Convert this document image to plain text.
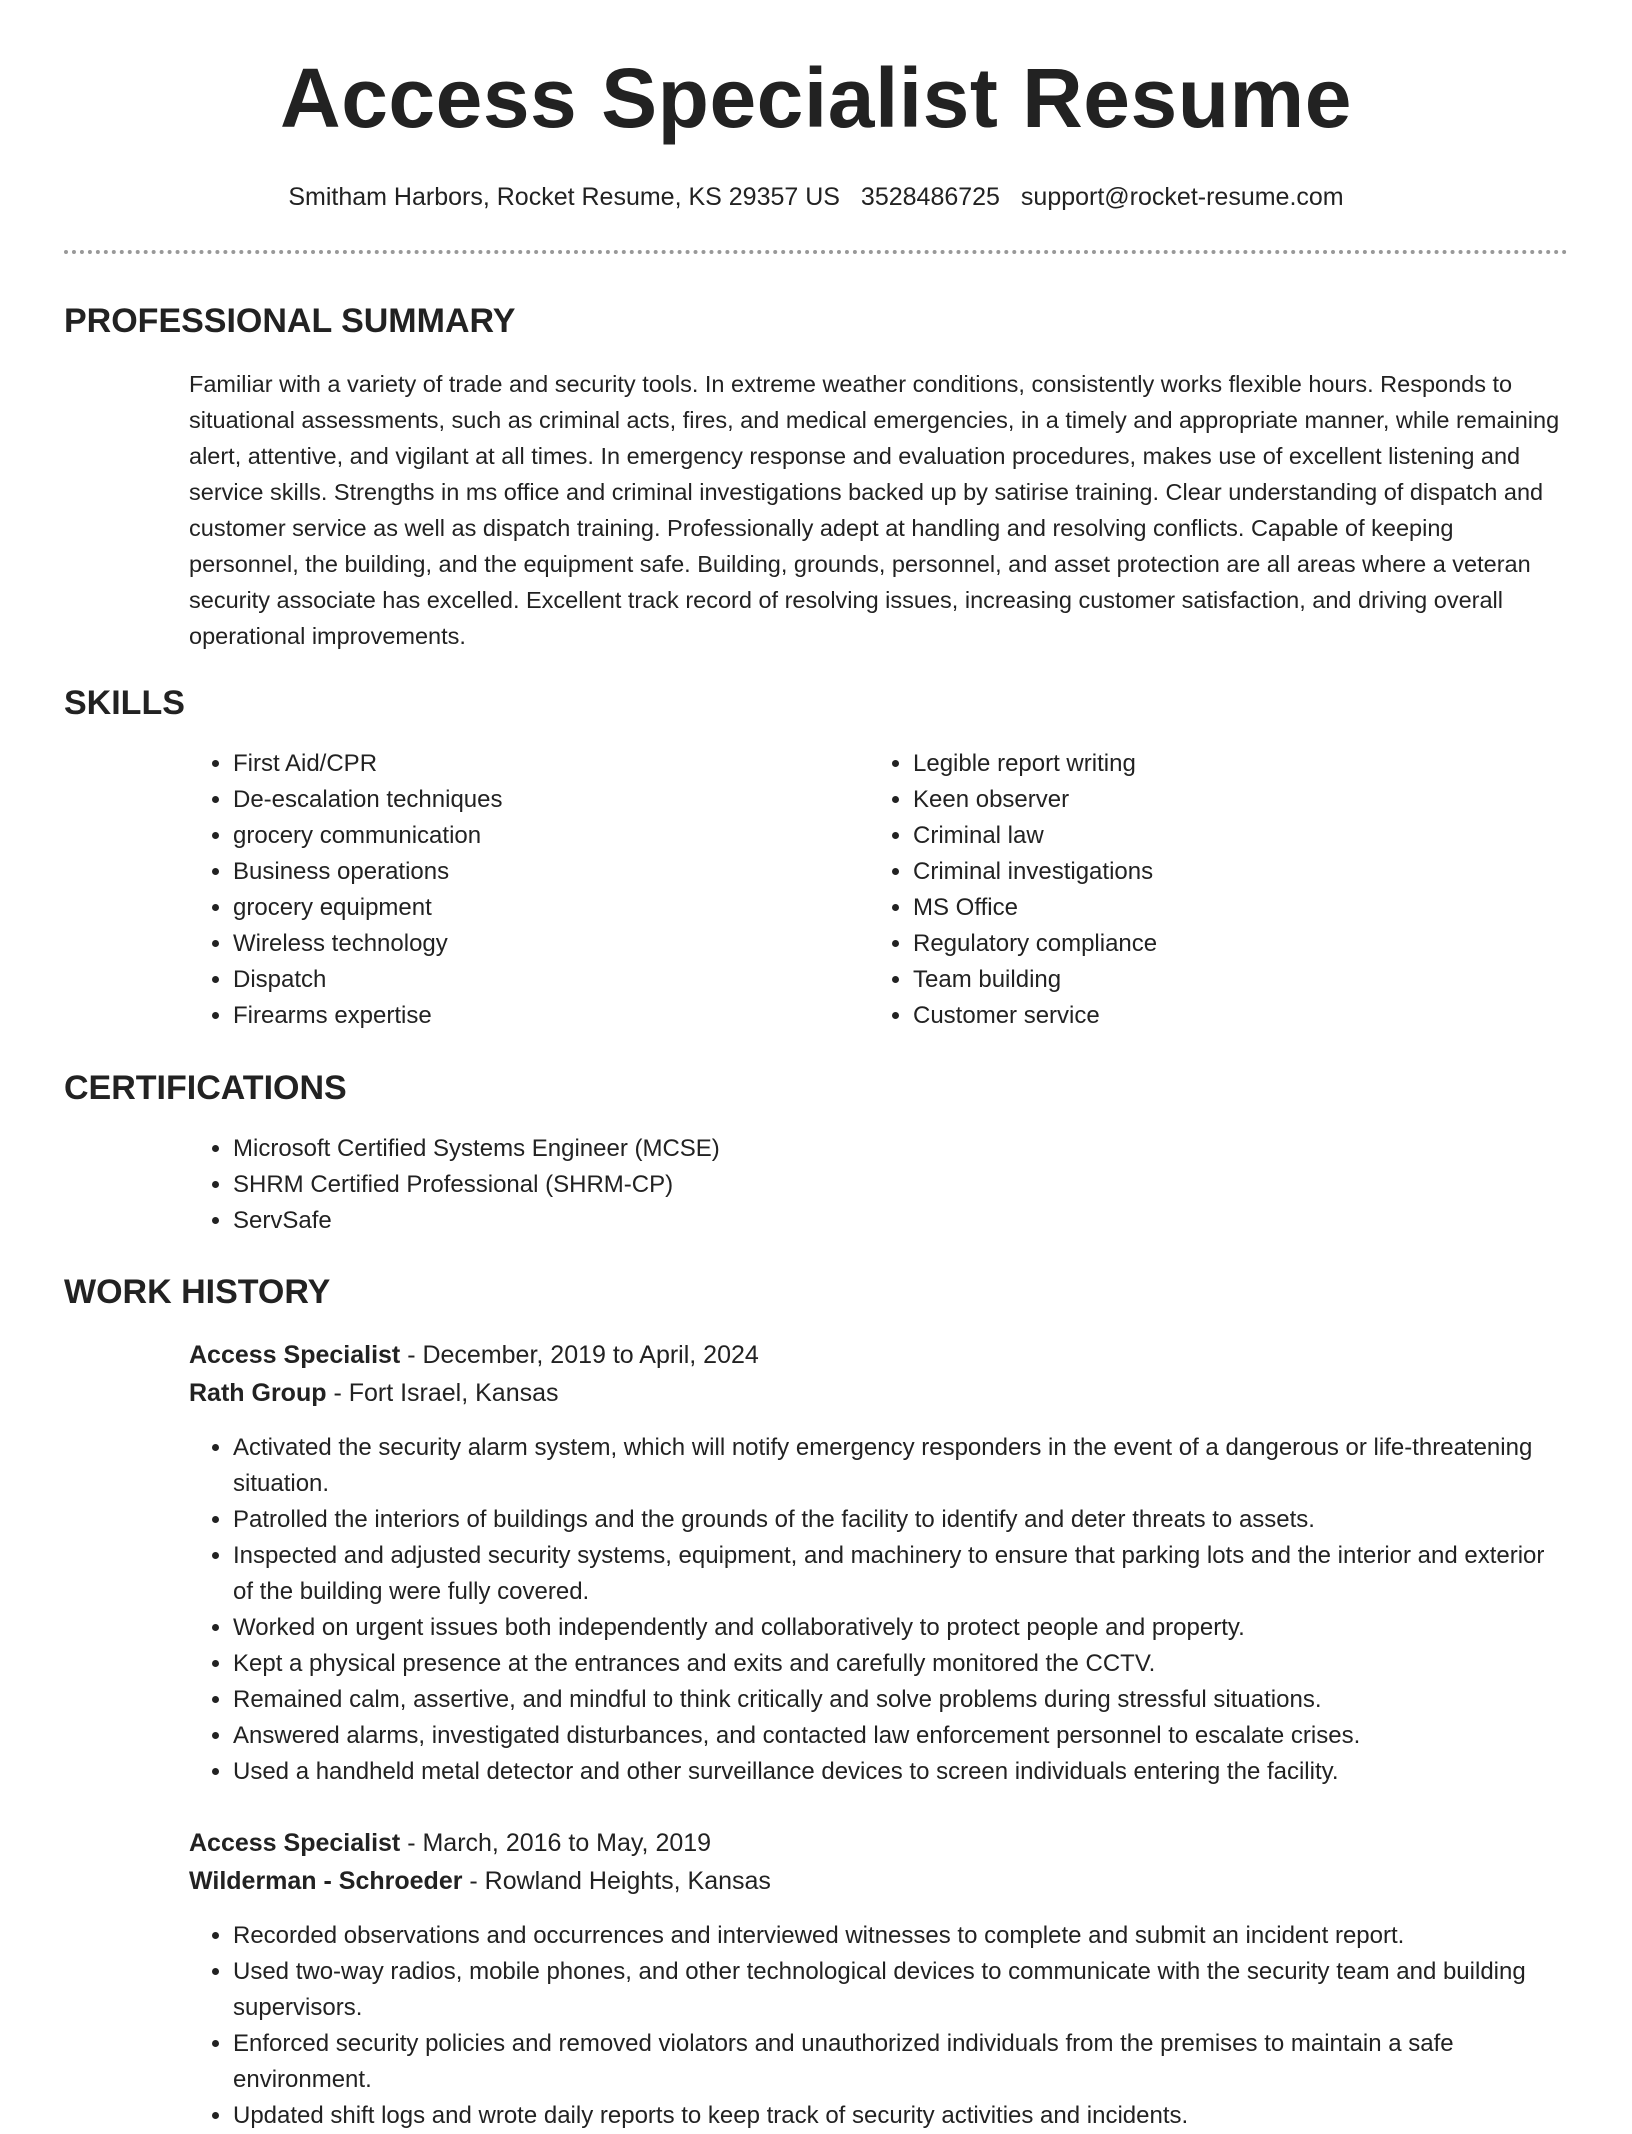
Access Specialist Resume
Smitham Harbors, Rocket Resume, KS 29357 US 3528486725 support@rocket-resume.com
PROFESSIONAL SUMMARY

Familiar with a variety of trade and security tools. In extreme weather conditions, consistently works flexible hours. Responds to situational assessments, such as criminal acts, fires, and medical emergencies, in a timely and appropriate manner, while remaining alert, attentive, and vigilant at all times. In emergency response and evaluation procedures, makes use of excellent listening and service skills. Strengths in ms office and criminal investigations backed up by satirise training. Clear understanding of dispatch and customer service as well as dispatch training. Professionally adept at handling and resolving conflicts. Capable of keeping personnel, the building, and the equipment safe. Building, grounds, personnel, and asset protection are all areas where a veteran security associate has excelled. Excellent track record of resolving issues, increasing customer satisfaction, and driving overall operational improvements.

SKILLS
• First Aid/CPR
• De-escalation techniques
• grocery communication
• Business operations
• grocery equipment
• Wireless technology
• Dispatch
• Firearms expertise
• Legible report writing
• Keen observer
• Criminal law
• Criminal investigations
• MS Office
• Regulatory compliance
• Team building
• Customer service
CERTIFICATIONS
• Microsoft Certified Systems Engineer (MCSE)
• SHRM Certified Professional (SHRM-CP)
• ServSafe
WORK HISTORY
Access Specialist - December, 2019 to April, 2024
Rath Group - Fort Israel, Kansas
• Activated the security alarm system, which will notify emergency responders in the event of a dangerous or life-threatening situation.
• Patrolled the interiors of buildings and the grounds of the facility to identify and deter threats to assets.
• Inspected and adjusted security systems, equipment, and machinery to ensure that parking lots and the interior and exterior of the building were fully covered.
• Worked on urgent issues both independently and collaboratively to protect people and property.
• Kept a physical presence at the entrances and exits and carefully monitored the CCTV.
• Remained calm, assertive, and mindful to think critically and solve problems during stressful situations.
• Answered alarms, investigated disturbances, and contacted law enforcement personnel to escalate crises.
• Used a handheld metal detector and other surveillance devices to screen individuals entering the facility.
Access Specialist - March, 2016 to May, 2019
Wilderman - Schroeder - Rowland Heights, Kansas
• Recorded observations and occurrences and interviewed witnesses to complete and submit an incident report.
• Used two-way radios, mobile phones, and other technological devices to communicate with the security team and building supervisors.
• Enforced security policies and removed violators and unauthorized individuals from the premises to maintain a safe environment.
• Updated shift logs and wrote daily reports to keep track of security activities and incidents.
